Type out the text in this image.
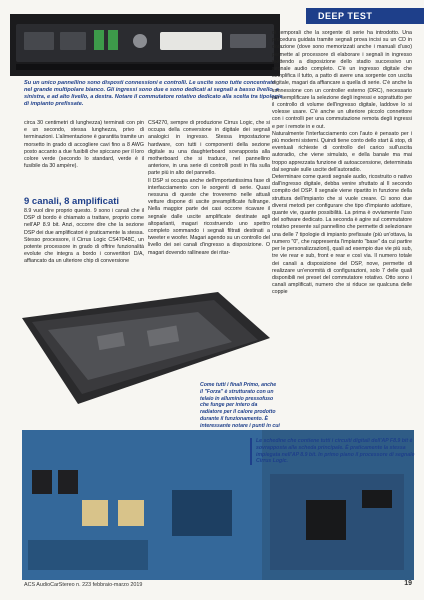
DEEP TEST
Su un unico pannellino sono disposti connessioni e controlli. Le uscite sono tutte concentrate nel grande multipolare bianco. Gli ingressi sono due e sono dedicati ai segnali a basso livello, a sinistra, e ad alto livello, a destra. Notare il commutatore rotativo dedicato alla scelta tra tipologie di impianto prefissate.

circa 30 centimetri di lunghezza) terminati con pin e un secondo, stessa lunghezza, privo di terminazioni. L'alimentazione è garantita tramite un morsetto in grado di accogliere cavi fino a 8 AWG posto accanto a due fusibili che spiccano per il loro colore verde (secondo lo standard, verde è il fusibile da 30 ampère).

9 canali, 8 amplificati

8.9 vuol dire proprio questo. 9 sono i canali che il DSP di bordo è chiamato a trattare, proprio come nell'AP 8.9 bit. Anzi, occorre dire che la sezione DSP dei due amplificatori è praticamente la stessa. Stesso processore, il Cirrus Logic CS47048C, un potente processore in grado di offrire funzionalità evolute che integra a bordo i convertitori D/A, affiancato da un ulteriore chip di conversione

CS4270, sempre di produzione Cirrus Logic, che si occupa della conversione in digitale dei segnali analogici in ingresso. Stessa impostazione hardware, con tutti i componenti della sezione digitale su una daughterboard sovrapposta alla motherboard che si traduce, nel pannellino anteriore, in una serie di controlli posti in fila sulla parte più in alto del pannello.

Il DSP si occupa anche dell'importantissima fase di interfacciamento con le sorgenti di serie. Quasi nessuna di queste che troveremo nelle attuali vetture dispone di uscite preamplificate fullrange. Nella maggior parte dei casi occorre ricavare il segnale dalle uscite amplificate destinate agli altoparlanti, magari ricostruendo uno spettro completo sommando i segnali filtrati destinati a tweeter e woofer. Magari agendo su un controllo del livello dei sei canali d'ingresso a disposizione. O magari dovendo rallineare dei ritar-

di temporali che la sorgente di serie ha introdotto. Una procedura guidata tramite segnali prova incisi su un CD in dotazione (dove sono memorizzati anche i manuali d'uso) permette al processore di elaborare i segnali in ingresso mettendo a disposizione dello stadio successivo un segnale audio completo. C'è un ingresso digitale che semplifica il tutto, a patto di avere una sorgente con uscita digitale, magari da affiancare a quella di serie. C'è anche la connessione con un controller esterno (DRC), necessario per semplificare la selezione degli ingressi e soprattutto per il controllo di volume dell'ingresso digitale, laddove lo si volesse usare. C'è anche un ulteriore piccolo connettore con i controlli per una commutazione remota degli ingressi e per i remote in e out.

Naturalmente l'interfacciamento con l'auto è pensato per i più moderni sistemi. Quindi tiene conto dello start & stop, di eventuali richieste di controllo del carico sull'uscita autoradio, che viene simulato, e della banale ma mai troppo apprezzata funzione di autoaccensione, determinata dal segnale sulle uscite dell'autoradio.

Determinare come questi segnale audio, ricostruito o nativo dall'ingresso digitale, debba venire sfruttato al Il secondo compito del DSP. Il segnale viene ripartito in funzione della struttura dell'impianto che si vuole creare. Ci sono due diversi metodi per configurare che tipo d'impianto adottare, quante vie, quante possibilità. La prima è ovviamente l'uso del software dedicato. La seconda è agire sul commutatore rotativo presente sul pannellino che permette di selezionare una delle 7 tipologie di impianto prefissate (più un'ottava, la numero "0", che rappresenta l'impianto "base" da cui partire per le personalizzazioni), quali ad esempio due vie più sub, tre vie rear e sub, front e rear e così via. Il numero totale dei canali a disposizione del DSP, nove, permette di realizzare un'enormità di configurazioni, solo 7 delle quali disponibili nei preset del commutatore rotativo. Otto sono i canali amplificati, numero che si riduce se qualcuna delle coppie

Come tutti i finali Primo, anche il "Forza" è strutturato con un telaio in alluminio pressofuso che funge per intero da radiatore per il calore prodotto durante il funzionamento. È interessante notare i punti in cui
Le schedine che contiene tutti i circuiti digitali dell'AP F8.9 bit è sovrapposta alla scheda principale. È praticamente la stessa impiegata nell'AP 8.9 bit. In primo piano il processore di segnale Cirrus Logic.
ACS AudioCarStereo n. 223 febbraio-marzo 2019	19
